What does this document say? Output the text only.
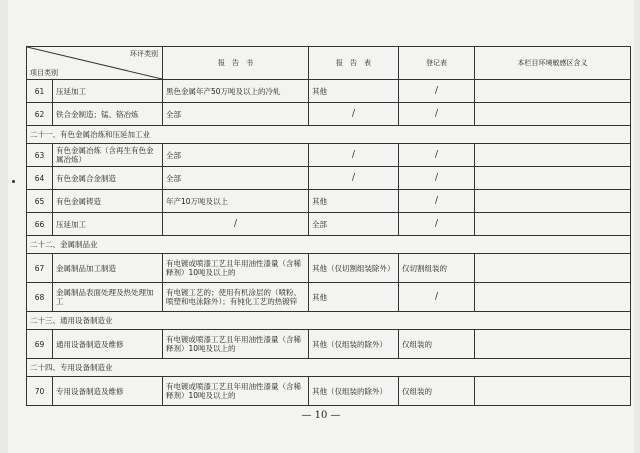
环评类别
项目类别		报　告　书	报　告　表	登记表	本栏目环境敏感区含义
61	压延加工	黑色金属年产50万吨及以上的冷轧	其他	/	
62	铁合金制造；锰、铬冶炼	全部	/	/	
二十一、有色金属冶炼和压延加工业					
63	有色金属冶炼（含再生有色金属冶炼）	全部	/	/	
64	有色金属合金制造	全部	/	/	
65	有色金属铸造	年产10万吨及以上	其他	/	
66	压延加工	/	全部	/	
二十二、金属制品业					
67	金属制品加工制造	有电镀或喷漆工艺且年用油性漆量（含稀释剂）10吨及以上的	其他（仅切割组装除外）	仅切割组装的	
68	金属制品表面处理及热处理加工	有电镀工艺的；使用有机涂层的（喷粉、喷塑和电泳除外）；有钝化工艺的热镀锌	其他	/	
二十三、通用设备制造业					
69	通用设备制造及维修	有电镀或喷漆工艺且年用油性漆量（含稀释剂）10吨及以上的	其他（仅组装的除外）	仅组装的	
二十四、专用设备制造业					
70	专用设备制造及维修	有电镀或喷漆工艺且年用油性漆量（含稀释剂）10吨及以上的	其他（仅组装的除外）	仅组装的	
— 10 —
